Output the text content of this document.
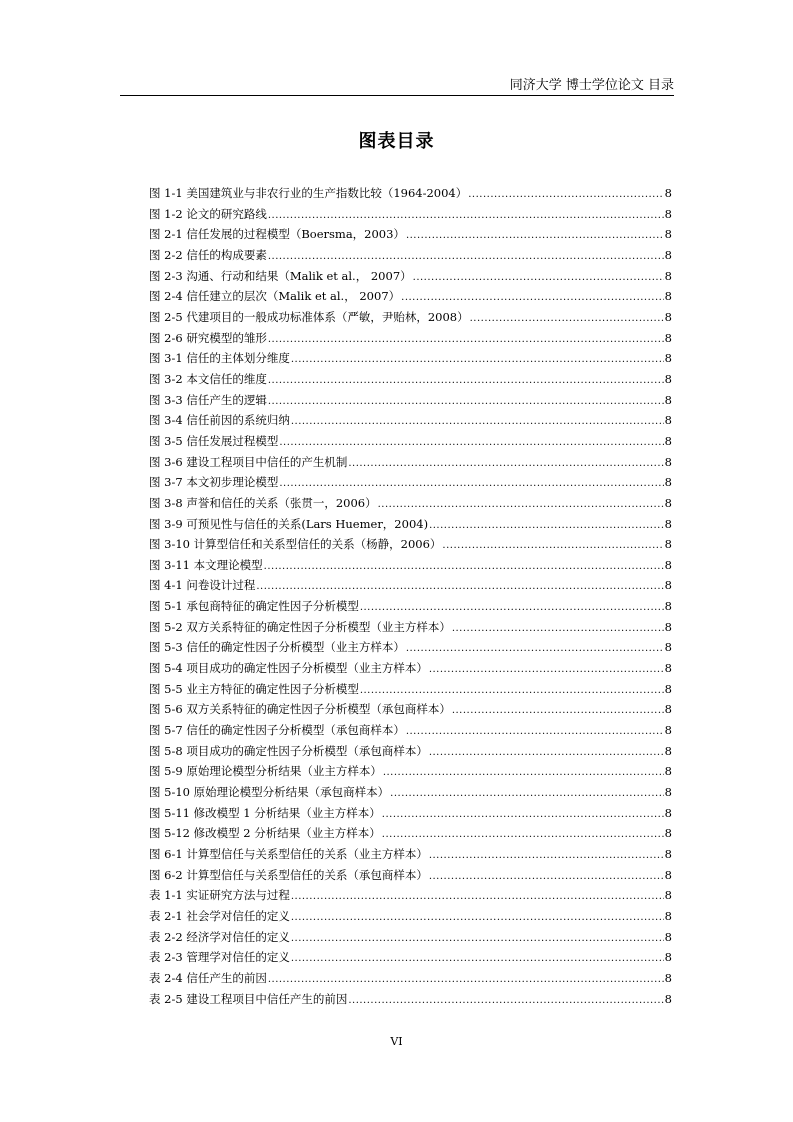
同济大学 博士学位论文 目录
图表目录
图 1-1 美国建筑业与非农行业的生产指数比较（1964-2004） .....	8
图 1-2 论文的研究路线 .....	8
图 2-1 信任发展的过程模型（Boersma，2003） .....	8
图 2-2 信任的构成要素 .....	8
图 2-3 沟通、行动和结果（Malik et al.， 2007） .....	8
图 2-4 信任建立的层次（Malik et al.， 2007） .....	8
图 2-5 代建项目的一般成功标准体系（严敏，尹贻林，2008） .....	8
图 2-6 研究模型的雏形 .....	8
图 3-1 信任的主体划分维度 .....	8
图 3-2 本文信任的维度 .....	8
图 3-3 信任产生的逻辑 .....	8
图 3-4 信任前因的系统归纳 .....	8
图 3-5 信任发展过程模型 .....	8
图 3-6 建设工程项目中信任的产生机制 .....	8
图 3-7 本文初步理论模型 .....	8
图 3-8 声誉和信任的关系（张贯一，2006） .....	8
图 3-9 可预见性与信任的关系(Lars Huemer，2004) .....	8
图 3-10 计算型信任和关系型信任的关系（杨静，2006） .....	8
图 3-11 本文理论模型 .....	8
图 4-1 问卷设计过程 .....	8
图 5-1 承包商特征的确定性因子分析模型 .....	8
图 5-2 双方关系特征的确定性因子分析模型（业主方样本） .....	8
图 5-3 信任的确定性因子分析模型（业主方样本） .....	8
图 5-4 项目成功的确定性因子分析模型（业主方样本） .....	8
图 5-5 业主方特征的确定性因子分析模型 .....	8
图 5-6 双方关系特征的确定性因子分析模型（承包商样本） .....	8
图 5-7 信任的确定性因子分析模型（承包商样本） .....	8
图 5-8 项目成功的确定性因子分析模型（承包商样本） .....	8
图 5-9 原始理论模型分析结果（业主方样本） .....	8
图 5-10 原始理论模型分析结果（承包商样本） .....	8
图 5-11 修改模型 1 分析结果（业主方样本） .....	8
图 5-12 修改模型 2 分析结果（业主方样本） .....	8
图 6-1 计算型信任与关系型信任的关系（业主方样本） .....	8
图 6-2 计算型信任与关系型信任的关系（承包商样本） .....	8
表 1-1 实证研究方法与过程 .....	8
表 2-1 社会学对信任的定义 .....	8
表 2-2 经济学对信任的定义 .....	8
表 2-3 管理学对信任的定义 .....	8
表 2-4 信任产生的前因 .....	8
表 2-5 建设工程项目中信任产生的前因 .....	8
VI
